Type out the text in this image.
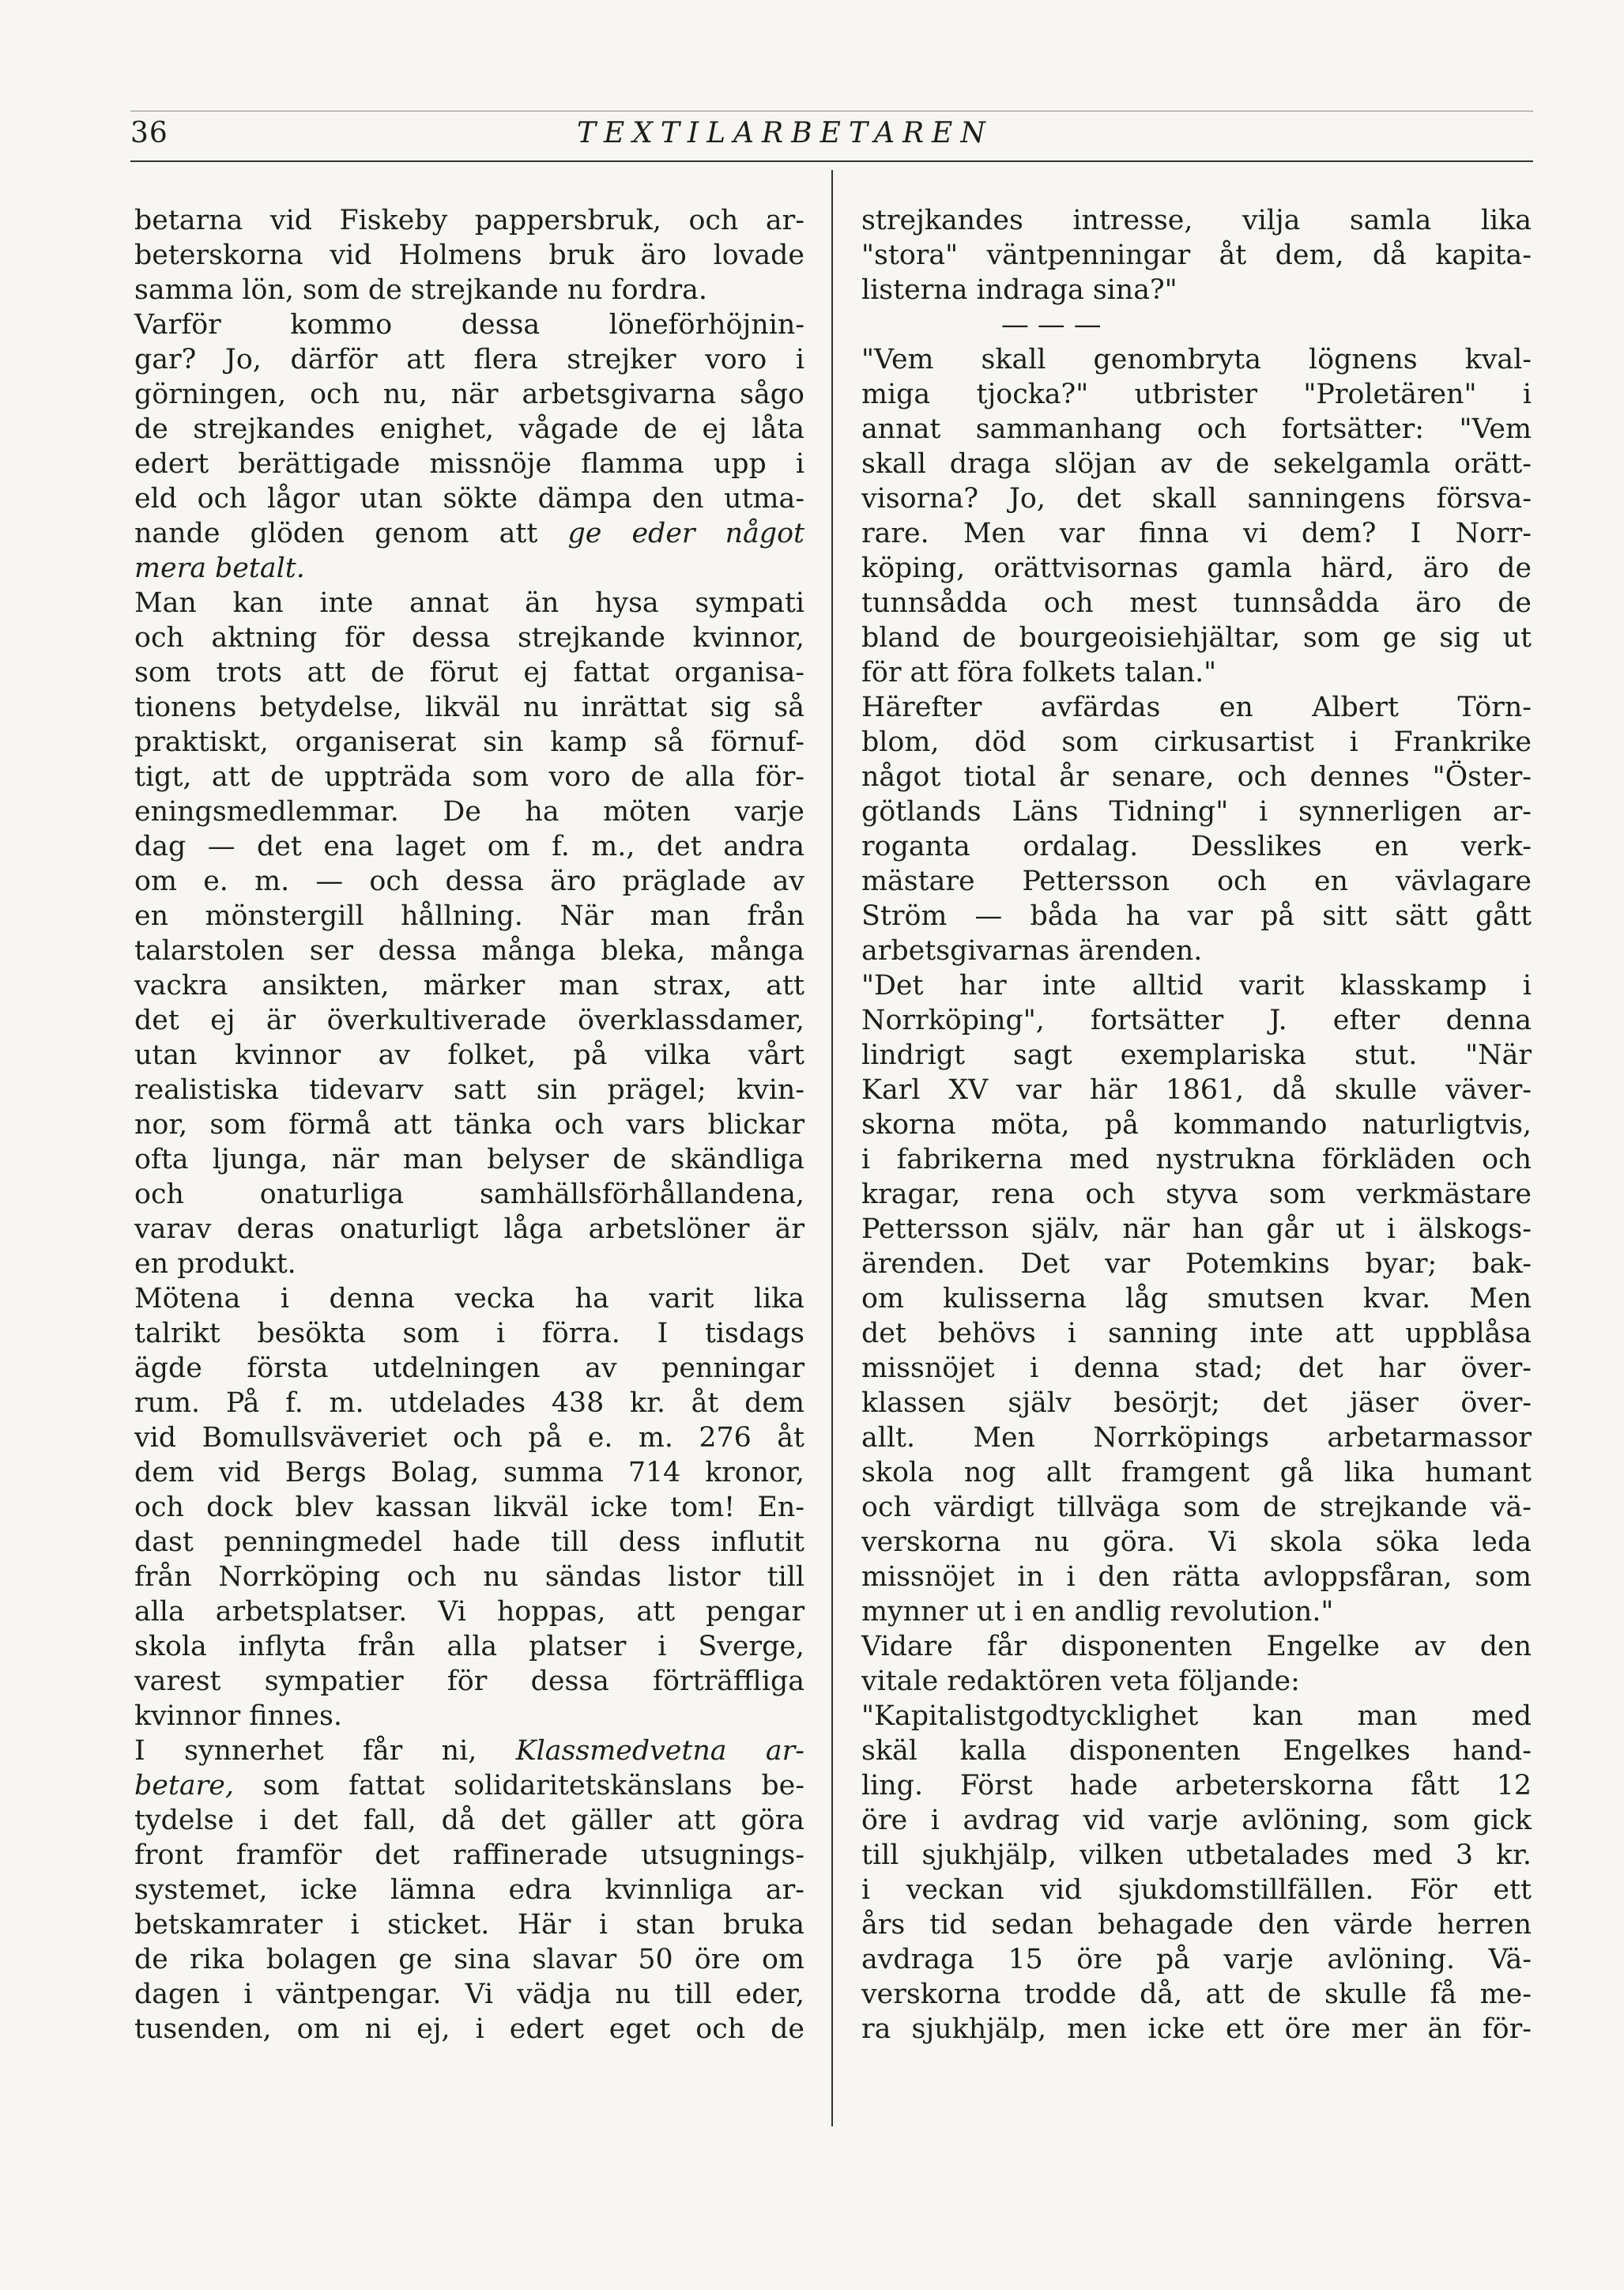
36	TEXTILARBETAREN
betarna vid Fiskeby pappersbruk, och ar-
beterskorna vid Holmens bruk äro lovade
samma lön, som de strejkande nu fordra.
Varför kommo dessa löneförhöjnin-
gar? Jo, därför att flera strejker voro i
görningen, och nu, när arbetsgivarna sågo
de strejkandes enighet, vågade de ej låta
edert berättigade missnöje flamma upp i
eld och lågor utan sökte dämpa den utma-
nande glöden genom att ge eder något
mera betalt.
Man kan inte annat än hysa sympati
och aktning för dessa strejkande kvinnor,
som trots att de förut ej fattat organisa-
tionens betydelse, likväl nu inrättat sig så
praktiskt, organiserat sin kamp så förnuf-
tigt, att de uppträda som voro de alla för-
eningsmedlemmar. De ha möten varje
dag — det ena laget om f. m., det andra
om e. m. — och dessa äro präglade av
en mönstergill hållning. När man från
talarstolen ser dessa många bleka, många
vackra ansikten, märker man strax, att
det ej är överkultiverade överklassdamer,
utan kvinnor av folket, på vilka vårt
realistiska tidevarv satt sin prägel; kvin-
nor, som förmå att tänka och vars blickar
ofta ljunga, när man belyser de skändliga
och onaturliga samhällsförhållandena,
varav deras onaturligt låga arbetslöner är
en produkt.
Mötena i denna vecka ha varit lika
talrikt besökta som i förra. I tisdags
ägde första utdelningen av penningar
rum. På f. m. utdelades 438 kr. åt dem
vid Bomullsväveriet och på e. m. 276 åt
dem vid Bergs Bolag, summa 714 kronor,
och dock blev kassan likväl icke tom! En-
dast penningmedel hade till dess influtit
från Norrköping och nu sändas listor till
alla arbetsplatser. Vi hoppas, att pengar
skola inflyta från alla platser i Sverge,
varest sympatier för dessa förträffliga
kvinnor finnes.
I synnerhet får ni, Klassmedvetna ar-
betare, som fattat solidaritetskänslans be-
tydelse i det fall, då det gäller att göra
front framför det raffinerade utsugnings-
systemet, icke lämna edra kvinnliga ar-
betskamrater i sticket. Här i stan bruka
de rika bolagen ge sina slavar 50 öre om
dagen i väntpengar. Vi vädja nu till eder,
tusenden, om ni ej, i edert eget och de
strejkandes intresse, vilja samla lika
"stora" väntpenningar åt dem, då kapita-
listerna indraga sina?"
— — —
"Vem skall genombryta lögnens kval-
miga tjocka?" utbrister "Proletären" i
annat sammanhang och fortsätter: "Vem
skall draga slöjan av de sekelgamla orätt-
visorna? Jo, det skall sanningens försva-
rare. Men var finna vi dem? I Norr-
köping, orättvisornas gamla härd, äro de
tunnsådda och mest tunnsådda äro de
bland de bourgeoisiehjältar, som ge sig ut
för att föra folkets talan."
Härefter avfärdas en Albert Törn-
blom, död som cirkusartist i Frankrike
något tiotal år senare, och dennes "Öster-
götlands Läns Tidning" i synnerligen ar-
roganta ordalag. Desslikes en verk-
mästare Pettersson och en vävlagare
Ström — båda ha var på sitt sätt gått
arbetsgivarnas ärenden.
"Det har inte alltid varit klasskamp i
Norrköping", fortsätter J. efter denna
lindrigt sagt exemplariska stut. "När
Karl XV var här 1861, då skulle väver-
skorna möta, på kommando naturligtvis,
i fabrikerna med nystrukna förkläden och
kragar, rena och styva som verkmästare
Pettersson själv, när han går ut i älskogs-
ärenden. Det var Potemkins byar; bak-
om kulisserna låg smutsen kvar. Men
det behövs i sanning inte att uppblåsa
missnöjet i denna stad; det har över-
klassen själv besörjt; det jäser över-
allt. Men Norrköpings arbetarmassor
skola nog allt framgent gå lika humant
och värdigt tillväga som de strejkande vä-
verskorna nu göra. Vi skola söka leda
missnöjet in i den rätta avloppsfåran, som
mynner ut i en andlig revolution."
Vidare får disponenten Engelke av den
vitale redaktören veta följande:
"Kapitalistgodtycklighet kan man med
skäl kalla disponenten Engelkes hand-
ling. Först hade arbeterskorna fått 12
öre i avdrag vid varje avlöning, som gick
till sjukhjälp, vilken utbetalades med 3 kr.
i veckan vid sjukdomstillfällen. För ett
års tid sedan behagade den värde herren
avdraga 15 öre på varje avlöning. Vä-
verskorna trodde då, att de skulle få me-
ra sjukhjälp, men icke ett öre mer än för-
